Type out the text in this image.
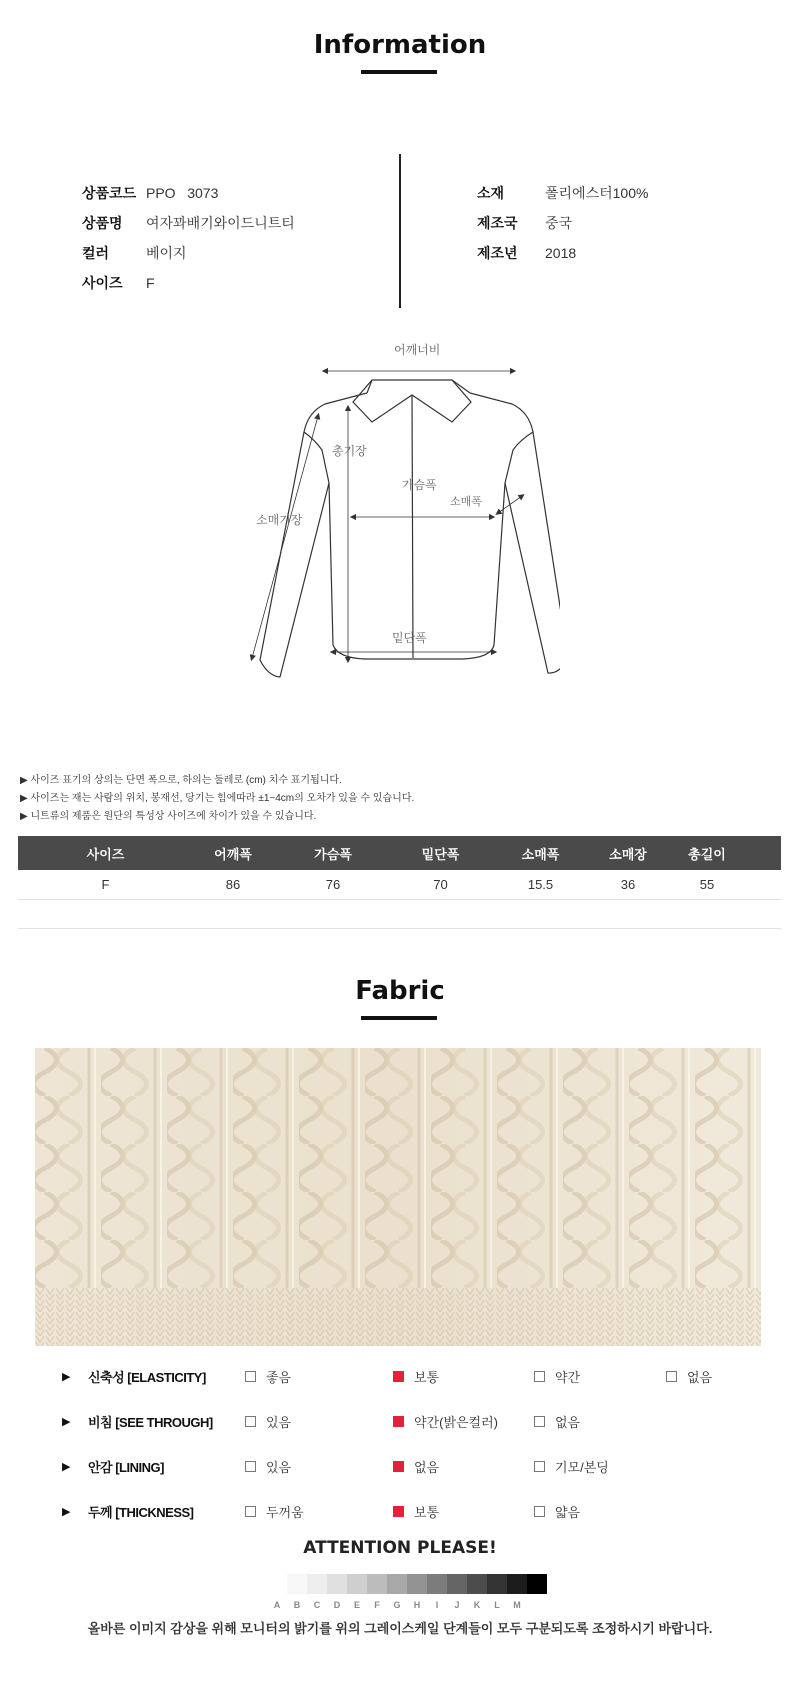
Information
상품코드 PPO   3073
상품명	여자꽈배기와이드니트티
컬러	베이지
사이즈	F
소재	폴리에스터100%
제조국	중국
제조년	2018
어깨너비
총기장
가슴폭
소매폭
소매기장
밑단폭
▶ 사이즈 표기의 상의는 단면 폭으로, 하의는 둘레로 (cm) 치수 표기됩니다.
▶ 사이즈는 재는 사람의 위치, 봉재선, 당기는 힘에따라 ±1~4cm의 오차가 있을 수 있습니다.
▶ 니트류의 제품은 원단의 특성상 사이즈에 차이가 있을 수 있습니다.
사이즈	어깨폭	가슴폭	밑단폭	소매폭	소매장	총길이
F	86	76	70	15.5	36	55
Fabric
▶ 신축성 [ELASTICITY]	좋음	보통	약간	없음
▶ 비침 [SEE THROUGH]	있음	약간(밝은컬러)	없음
▶ 안감 [LINING]	있음	없음	기모/본딩
▶ 두께 [THICKNESS]	두꺼움	보통	얇음
ATTENTION PLEASE!
A	B	C	D	E	F	G	H	I	J	K	L	M
올바른 이미지 감상을 위해 모니터의 밝기를 위의 그레이스케일 단계들이 모두 구분되도록 조정하시기 바랍니다.
